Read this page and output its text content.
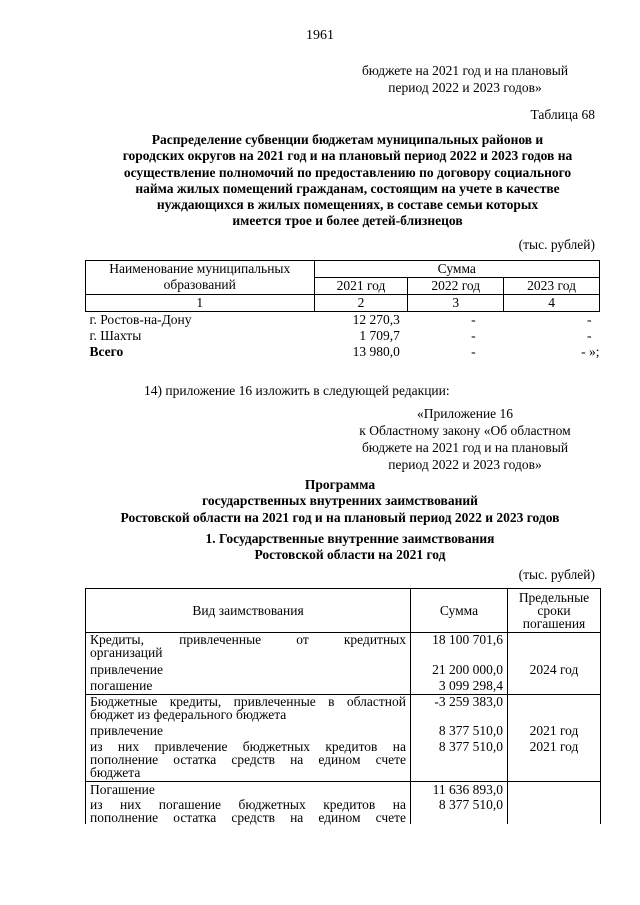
1961
бюджете на 2021 год и на плановый
период 2022 и 2023 годов»
Таблица 68
Распределение субвенции бюджетам муниципальных районов и
городских округов на 2021 год и на плановый период 2022 и 2023 годов на
осуществление полномочий по предоставлению по договору социального
найма жилых помещений гражданам, состоящим на учете в качестве
нуждающихся в жилых помещениях, в составе семьи которых
имеется трое и более детей-близнецов
(тыс. рублей)
Наименование муниципальных
образований	Сумма		
	2021 год	2022 год	2023 год
1	2	3	4
г. Ростов-на-Дону	12 270,3	-	-
г. Шахты	1 709,7	-	-
Всего	13 980,0	-	- »;
14) приложение 16 изложить в следующей редакции:
«Приложение 16
к Областному закону «Об областном
бюджете на 2021 год и на плановый
период 2022 и 2023 годов»
Программа
государственных внутренних заимствований
Ростовской области на 2021 год и на плановый период 2022 и 2023 годов
1. Государственные внутренние заимствования
Ростовской области на 2021 год
(тыс. рублей)
Вид заимствования	Сумма	Предельные
сроки
погашения

Кредиты, привлеченные от кредитных
организаций	18 100 701,6	
привлечение	21 200 000,0	2024 год
погашение	3 099 298,4	

Бюджетные кредиты, привлеченные в областной
бюджет из федерального бюджета	-3 259 383,0	
привлечение	8 377 510,0	2021 год

из них привлечение бюджетных кредитов на
пополнение остатка средств на едином счете
бюджета	8 377 510,0	2021 год
Погашение	11 636 893,0	

из них погашение бюджетных кредитов на
пополнение остатка средств на едином счете	8 377 510,0	
